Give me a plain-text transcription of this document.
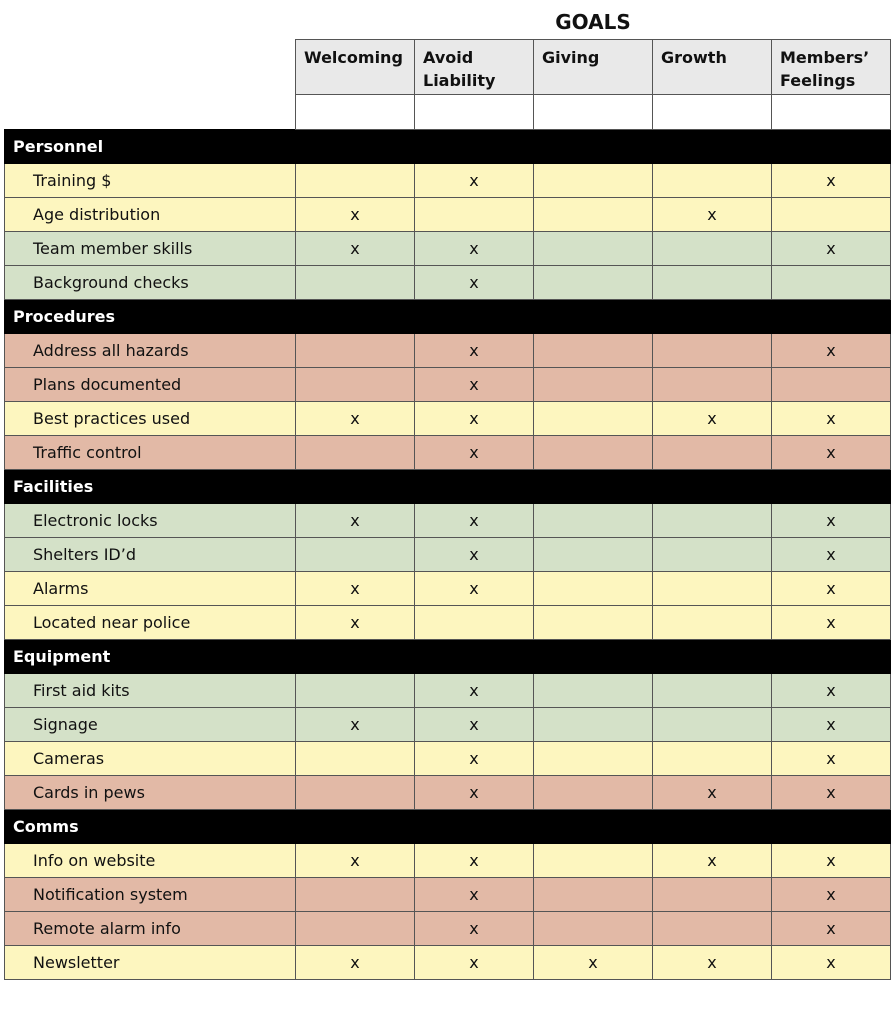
GOALS
	Welcoming	Avoid Liability	Giving	Growth	Members’ Feelings

Personnel					
Training $		x			x
Age distribution	x			x	
Team member skills	x	x			x
Background checks		x			
Procedures					
Address all hazards		x			x
Plans documented		x			
Best practices used	x	x		x	x
Traffic control		x			x
Facilities					
Electronic locks	x	x			x
Shelters ID’d		x			x
Alarms	x	x			x
Located near police	x				x
Equipment					
First aid kits		x			x
Signage	x	x			x
Cameras		x			x
Cards in pews		x		x	x
Comms					
Info on website	x	x		x	x
Notification system		x			x
Remote alarm info		x			x
Newsletter	x	x	x	x	x
